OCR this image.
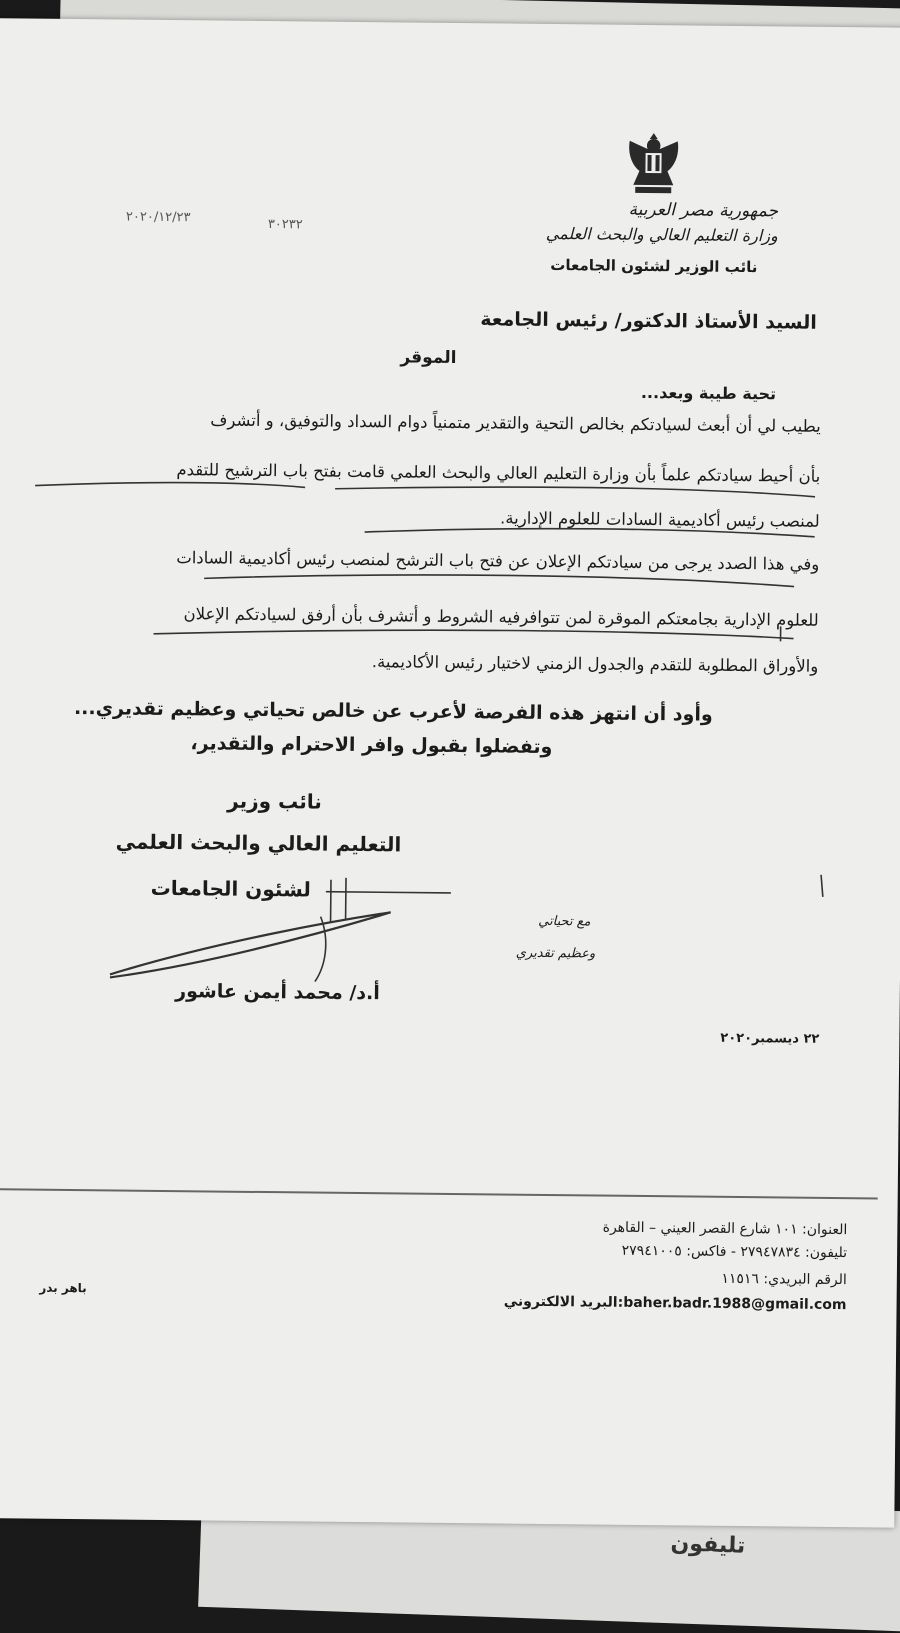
تليفون
جمهورية مصر العربية
وزارة التعليم العالي والبحث العلمي
نائب الوزير لشئون الجامعات
٣٠٢٣٢
٢٠٢٠/١٢/٢٣
السيد الأستاذ الدكتور/ رئيس الجامعة
الموقر
تحية طيبة وبعد...
يطيب لي أن أبعث لسيادتكم بخالص التحية والتقدير متمنياً دوام السداد والتوفيق، و أتشرف
بأن أحيط سيادتكم علماً بأن وزارة التعليم العالي والبحث العلمي قامت بفتح باب الترشيح للتقدم
لمنصب رئيس أكاديمية السادات للعلوم الإدارية.
وفي هذا الصدد يرجى من سيادتكم الإعلان عن فتح باب الترشح لمنصب رئيس أكاديمية السادات
للعلوم الإدارية بجامعتكم الموقرة لمن تتوافرفيه الشروط و أتشرف بأن أرفق لسيادتكم الإعلان
والأوراق المطلوبة للتقدم والجدول الزمني لاختيار رئيس الأكاديمية.
وأود أن انتهز هذه الفرصة لأعرب عن خالص تحياتي وعظيم تقديري...
وتفضلوا بقبول وافر الاحترام والتقدير،
نائب وزير
التعليم العالي والبحث العلمي
لشئون الجامعات
أ.د/ محمد أيمن عاشور
مع تحياتي
وعظيم تقديري
٢٢ ديسمبر٢٠٢٠
العنوان: ١٠١ شارع القصر العيني – القاهرة
تليفون: ٢٧٩٤٧٨٣٤ - فاكس: ٢٧٩٤١٠٠٥
الرقم البريدي: ١١٥١٦
البريد الالكتروني:baher.badr.1988@gmail.com
باهر بدر
